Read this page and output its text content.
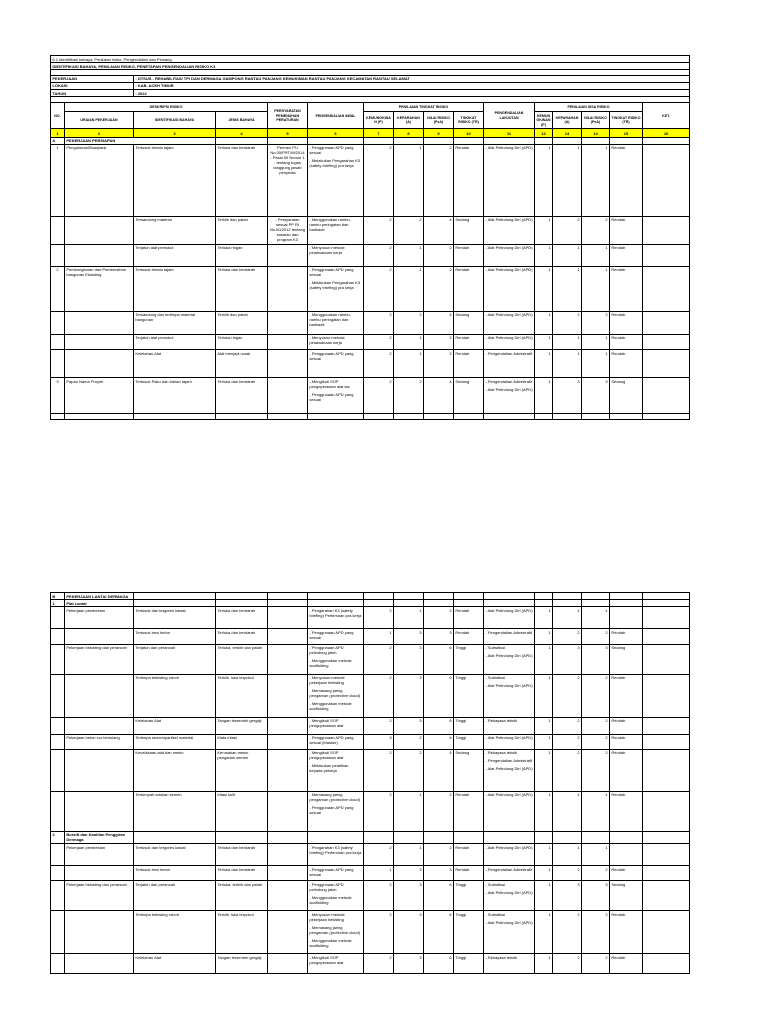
6.1 Identifikasi bahaya, Penilaian risiko, Pengendalian dan Peluang															
IDENTIFIKASI BAHAYA, PENILAIAN RISIKO, PENETAPAN PENGENDALIAN RISIKO K3															

PEKERJAAN		: DTSUS - REHABILITASI TPI DAN DERMAGA GAMPONG RANTAU PANJANG KEMUKIMAN RANTAU PANJANG KECAMATAN RANTAU SELAMAT													
LOKASI		: KAB. ACEH TIMUR													
TAHUN		: 2022													

NO.	DESKRIPSI RISIKO			PERSYARATAN PEMENUHAN PERATURAN	PENGENDALIAN AWAL	PENILAIAN TINGKAT RISIKO				PENGENDALIAN LANJUTAN	PENILAIAN SISA RISIKO				KET.
	URAIAN PEKERJAAN	IDENTIFIKASI BAHAYA	JENIS BAHAYA			KEMUNGKINAN (P)	KEPARAHAN (A)	NILAI RISIKO (PxA)	TINGKAT RISIKO (TR)		KEMUNGKINAN (P)	KEPARAHAN (A)	NILAI RISIKO (PxA)	TINGKAT RISIKO (TR)	
1	2	3	4	5	6	7	8	9	10	11	12	13	14	15	16
A	PEKERJAAN PERSIAPAN														
1	Pengukuran/Bowplank	Tertusuk benda tajam	Terluka dan berdarah	Permen PU No.05/PRT/M/2014 - Pasal 59 Nomor 1 - tentang tugas tanggung jawab penyedia	- Penggunaan APD yang sesuai
- Melakukan Pengarahan K3 (safety briefing) pra kerja	2	1	2	Rendah	- Alat Pelindung Diri (APD)	1	1	1	Rendah	
		Tersandung material	Terkilir dan patah	- Persyaratan sesuai PP RI No.50/2012 tentang sasaran dan program K3	- Menggunakan rambu-rambu peringatan dan barikade	2	2	4	Sedang	- Alat Pelindung Diri (APD)	1	2	2	Rendah	
		Terjatuh alat pemukul	Terluka ringan		- Menyusun metode pelaksanaan kerja	2	1	2	Rendah	- Alat Pelindung Diri (APD)	1	1	1	Rendah	
2	Pembongkaran dan Pembersihan bangunan Eksisting	Tertusuk benda tajam	Terluka dan berdarah		- Penggunaan APD yang sesuai
- Melakukan Pengarahan K3 (safety briefing) pra kerja	2	1	2	Rendah	- Alat Pelindung Diri (APD)	1	1	1	Rendah	
		Tersandung dan tertimpa material bangunan	Terkilir dan patah		- Menggunakan rambu-rambu peringatan dan barikade	2	2	4	Sedang	- Alat Pelindung Diri (APD)	1	2	2	Rendah	
		Terjatuh alat pemukul	Terluka ringan		- Menyusun metode pelaksanaan kerja	2	1	2	Rendah	- Alat Pelindung Diri (APD)	1	1	1	Rendah	
		Kelelahan Alat	Alat menjadi rusak		- Penggunaan APD yang sesuai	2	1	2	Rendah	- Pengendalian Admistratif	1	1	1	Rendah	
3	Papan Nama Proyek	Tertusuk Paku dan bahan tajam	Terluka dan berdarah		- Mengikuti SOP pengoperasian alat las
- Penggunaan APD yang sesuai	2	2	4	Sedang	- Pengendalian Admistratif
- Alat Pelindung Diri (APD)	1	3	3	Sedang	

B	PEKERJAAN LANTAI DERMAGA														
1	Plat Lantai														
	Pekerjaan pembesian	Tertusuk dan tergores kawat	Terluka dan berdarah		- Pengarahan K3 (safety briefing) Pertemuan pra kerja	2	1	2	Rendah	- Alat Pelindung Diri (APD)	1	1	1		
		Tertusuk besi beton	Terluka dan berdarah		- Penggunaan APD yang sesuai	1	3	3	Rendah	- Pengendalian Admistratif	1	2	2	Rendah	
	Pekerjaan bekisting dan perancah	Terjatuh dari perancah	Terluka, terkilir dan patah		- Penggunaan APD pelindung jatuh
- Menggunakan metode scaffolding	2	3	6	Tinggi	- Substitusi
- Alat Pelindung Diri (APD)	1	3	3	Sedang	
		Tertimpa bekisting roboh	Terkilir, luka terpukul		- Menyusun metode pekerjaan bekisting
- Memasang jaring pengaman (protective cloud)
- Menggunakan metode scaffolding	2	3	6	Tinggi	- Substitusi
- Alat Pelindung Diri (APD)	1	2	2	Rendah	
		Kelelahan Alat	Tangan tersentuh gergaji		- Mengikuti SOP pengoperasian alat	2	3	6	Tinggi	- Rekayasa teknik	1	2	2	Rendah	
	Pekerjaan beton cor berlulang	Tertimpa semen/partikel material	Mata iritasi		- Penggunaan APD yang sesuai (Masker)	3	2	6	Tinggi	- Alat Pelindung Diri (APD)	1	2	2	Rendah	
		Kecelakaan alat dan mesin	Kerusakan mesin pengaduk semen		- Mengikuti SOP pengoperasian alat
- Melakukan pelatihan kepada pekerja	2	2	4	Sedang	- Rekayasa teknik
- Pengendalian Admistratif
- Alat Pelindung Diri (APD)	1	2	2	Rendah	
		Tertumpah adukan semen	Iritasi kulit		- Memasang jaring pengaman (protective cloud)
- Penggunaan APD yang sesuai	2	1	2	Rendah	- Alat Pelindung Diri (APD)	1	1	1	Rendah	
2	Borsitt dan Kantilan Penggiran Dermaga														
	Pekerjaan pembesian	Tertusuk dan tergores kawat	Terluka dan berdarah		- Pengarahan K3 (safety briefing) Pertemuan pra kerja	2	1	2	Rendah	- Alat Pelindung Diri (APD)	1	1	1		
		Tertusuk besi beton	Terluka dan berdarah		- Penggunaan APD yang sesuai	1	3	3	Rendah	- Pengendalian Admistratif	1	2	2	Rendah	
	Pekerjaan bekisting dan perancah	Terjatuh dari perancah	Terluka, terkilir dan patah		- Penggunaan APD pelindung jatuh
- Menggunakan metode scaffolding	2	3	6	Tinggi	- Substitusi
- Alat Pelindung Diri (APD)	1	3	3	Sedang	
		Tertimpa bekisting roboh	Terkilir, luka terpukul		- Menyusun metode pekerjaan bekisting
- Memasang jaring pengaman (protective cloud)
- Menggunakan metode scaffolding	2	3	6	Tinggi	- Substitusi
- Alat Pelindung Diri (APD)	1	2	2	Rendah	
		Kelelahan Alat	Tangan tersentuh gergaji		- Mengikuti SOP pengoperasian alat	2	3	6	Tinggi	- Rekayasa teknik	1	2	2	Rendah	
